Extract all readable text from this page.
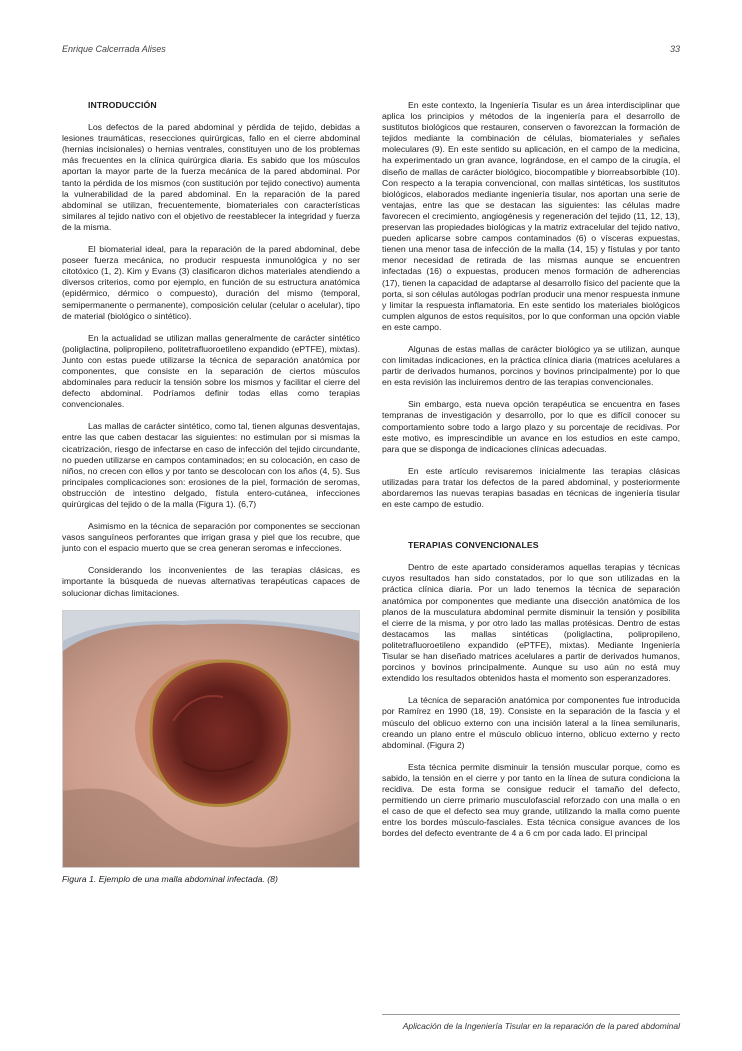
Enrique Calcerrada Alises	33
INTRODUCCIÓN

Los defectos de la pared abdominal y pérdida de tejido, debidas a lesiones traumáticas, resecciones quirúrgicas, fallo en el cierre abdominal (hernias incisionales) o hernias ventrales, constituyen uno de los problemas más frecuentes en la clínica quirúrgica diaria. Es sabido que los músculos aportan la mayor parte de la fuerza mecánica de la pared abdominal. Por tanto la pérdida de los mismos (con sustitución por tejido conectivo) aumenta la vulnerabilidad de la pared abdominal. En la reparación de la pared abdominal se utilizan, frecuentemente, biomateriales con características similares al tejido nativo con el objetivo de reestablecer la integridad y fuerza de la misma.

El biomaterial ideal, para la reparación de la pared abdominal, debe poseer fuerza mecánica, no producir respuesta inmunológica y no ser citotóxico (1, 2). Kim y Evans (3) clasificaron dichos materiales atendiendo a diversos criterios, como por ejemplo, en función de su estructura anatómica (epidérmico, dérmico o compuesto), duración del mismo (temporal, semipermanente o permanente), composición celular (celular o acelular), tipo de material (biológico o sintético).

En la actualidad se utilizan mallas generalmente de carácter sintético (poliglactina, polipropileno, politetrafluoroetileno expandido (ePTFE), mixtas). Junto con estas puede utilizarse la técnica de separación anatómica por componentes, que consiste en la separación de ciertos músculos abdominales para reducir la tensión sobre los mismos y facilitar el cierre del defecto abdominal. Podríamos definir todas ellas como terapias convencionales.

Las mallas de carácter sintético, como tal, tienen algunas desventajas, entre las que caben destacar las siguientes: no estimulan por si mismas la cicatrización, riesgo de infectarse en caso de infección del tejido circundante, no pueden utilizarse en campos contaminados; en su colocación, en caso de niños, no crecen con ellos y por tanto se descolocan con los años (4, 5). Sus principales complicaciones son: erosiones de la piel, formación de seromas, obstrucción de intestino delgado, fístula entero-cutánea, infecciones quirúrgicas del tejido o de la malla (Figura 1). (6,7)

Asimismo en la técnica de separación por componentes se seccionan vasos sanguíneos perforantes que irrigan grasa y piel que los recubre, que junto con el espacio muerto que se crea generan seromas e infecciones.

Considerando los inconvenientes de las terapias clásicas, es importante la búsqueda de nuevas alternativas terapéuticas capaces de solucionar dichas limitaciones.

Figura 1. Ejemplo de una malla abdominal infectada. (8)

En este contexto, la Ingeniería Tisular es un área interdisciplinar que aplica los principios y métodos de la ingeniería para el desarrollo de sustitutos biológicos que restauren, conserven o favorezcan la formación de tejidos mediante la combinación de células, biomateriales y señales moleculares (9). En este sentido su aplicación, en el campo de la medicina, ha experimentado un gran avance, lográndose, en el campo de la cirugía, el diseño de mallas de carácter biológico, biocompatible y biorreabsorbible (10). Con respecto a la terapia convencional, con mallas sintéticas, los sustitutos biológicos, elaborados mediante ingeniería tisular, nos aportan una serie de ventajas, entre las que se destacan las siguientes: las células madre favorecen el crecimiento, angiogénesis y regeneración del tejido (11, 12, 13), preservan las propiedades biológicas y la matriz extracelular del tejido nativo, pueden aplicarse sobre campos contaminados (6) o vísceras expuestas, tienen una menor tasa de infección de la malla (14, 15) y fístulas y por tanto menor necesidad de retirada de las mismas aunque se encuentren infectadas (16) o expuestas, producen menos formación de adherencias (17), tienen la capacidad de adaptarse al desarrollo físico del paciente que la porta, si son células autólogas podrían producir una menor respuesta inmune y limitar la respuesta inflamatoria. En este sentido los materiales biológicos cumplen algunos de estos requisitos, por lo que conforman una opción viable en este campo.

Algunas de estas mallas de carácter biológico ya se utilizan, aunque con limitadas indicaciones, en la práctica clínica diaria (matrices acelulares a partir de derivados humanos, porcinos y bovinos principalmente) por lo que en esta revisión las incluiremos dentro de las terapias convencionales.

Sin embargo, esta nueva opción terapéutica se encuentra en fases tempranas de investigación y desarrollo, por lo que es difícil conocer su comportamiento sobre todo a largo plazo y su porcentaje de recidivas. Por este motivo, es imprescindible un avance en los estudios en este campo, para que se disponga de indicaciones clínicas adecuadas.

En este artículo revisaremos inicialmente las terapias clásicas utilizadas para tratar los defectos de la pared abdominal, y posteriormente abordaremos las nuevas terapias basadas en técnicas de ingeniería tisular en este campo de estudio.

TERAPIAS CONVENCIONALES

Dentro de este apartado consideramos aquellas terapias y técnicas cuyos resultados han sido constatados, por lo que son utilizadas en la práctica clínica diaria. Por un lado tenemos la técnica de separación anatómica por componentes que mediante una disección anatómica de los planos de la musculatura abdominal permite disminuir la tensión y posibilita el cierre de la misma, y por otro lado las mallas protésicas. Dentro de estas destacamos las mallas sintéticas (poliglactina, polipropileno, politetrafluoroetileno expandido (ePTFE), mixtas). Mediante Ingeniería Tisular se han diseñado matrices acelulares a partir de derivados humanos, porcinos y bovinos principalmente. Aunque su uso aún no está muy extendido los resultados obtenidos hasta el momento son esperanzadores.

La técnica de separación anatómica por componentes fue introducida por Ramírez en 1990 (18, 19). Consiste en la separación de la fascia y el músculo del oblicuo externo con una incisión lateral a la línea semilunaris, creando un plano entre el músculo oblicuo interno, oblicuo externo y recto abdominal. (Figura 2)

Esta técnica permite disminuir la tensión muscular porque, como es sabido, la tensión en el cierre y por tanto en la línea de sutura condiciona la recidiva. De esta forma se consigue reducir el tamaño del defecto, permitiendo un cierre primario musculofascial reforzado con una malla o en el caso de que el defecto sea muy grande, utilizando la malla como puente entre los bordes músculo-fasciales. Esta técnica consigue avances de los bordes del defecto eventrante de 4 a 6 cm por cada lado. El principal

Aplicación de la Ingeniería Tisular en la reparación de la pared abdominal
